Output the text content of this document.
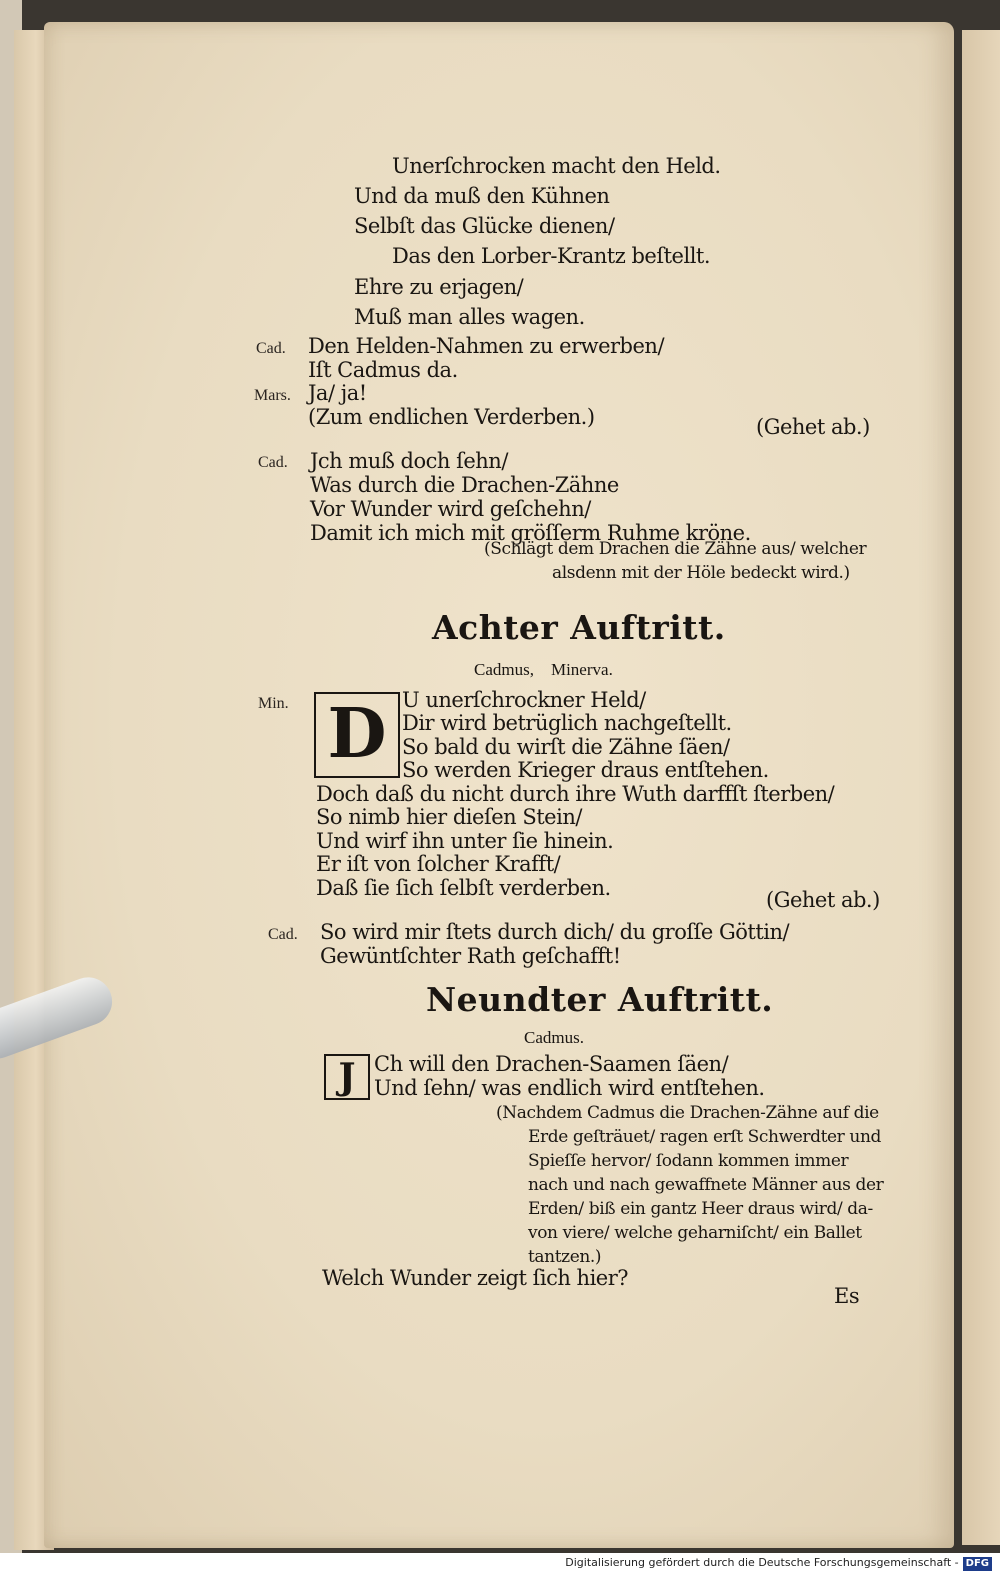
Unerſchrocken macht den Held.
Und da muß den Kühnen
Selbſt das Glücke dienen/
Das den Lorber-Krantz beſtellt.
Ehre zu erjagen/
Muß man alles wagen.
Cad. Den Helden-Nahmen zu erwerben/
Iſt Cadmus da.
Mars. Ja/ ja!
(Zum endlichen Verderben.)	(Gehet ab.)
Cad. Jch muß doch ſehn/
Was durch die Drachen-Zähne
Vor Wunder wird geſchehn/
Damit ich mich mit gröſſerm Ruhme kröne.
(Schlägt dem Drachen die Zähne aus/ welcher
alsdenn mit der Höle bedeckt wird.)
Achter Auftritt.
Cadmus,    Minerva.
Min. D U unerſchrockner Held/
Dir wird betrüglich nachgeſtellt.
So bald du wirſt die Zähne ſäen/
So werden Krieger draus entſtehen.
Doch daß du nicht durch ihre Wuth darffſt ſterben/
So nimb hier dieſen Stein/
Und wirf ihn unter ſie hinein.
Er iſt von ſolcher Krafft/
Daß ſie ſich ſelbſt verderben.	(Gehet ab.)
Cad. So wird mir ſtets durch dich/ du groſſe Göttin/
Gewüntſchter Rath geſchafft!
Neundter Auftritt.
Cadmus.
J Ch will den Drachen-Saamen ſäen/
Und ſehn/ was endlich wird entſtehen.
(Nachdem Cadmus die Drachen-Zähne auf die
Erde geſträuet/ ragen erſt Schwerdter und
Spieſſe hervor/ ſodann kommen immer
nach und nach gewaffnete Männer aus der
Erden/ biß ein gantz Heer draus wird/ da-
von viere/ welche geharniſcht/ ein Ballet
tantzen.)
Welch Wunder zeigt ſich hier?
Es
Digitalisierung gefördert durch die Deutsche Forschungsgemeinschaft - DFG
